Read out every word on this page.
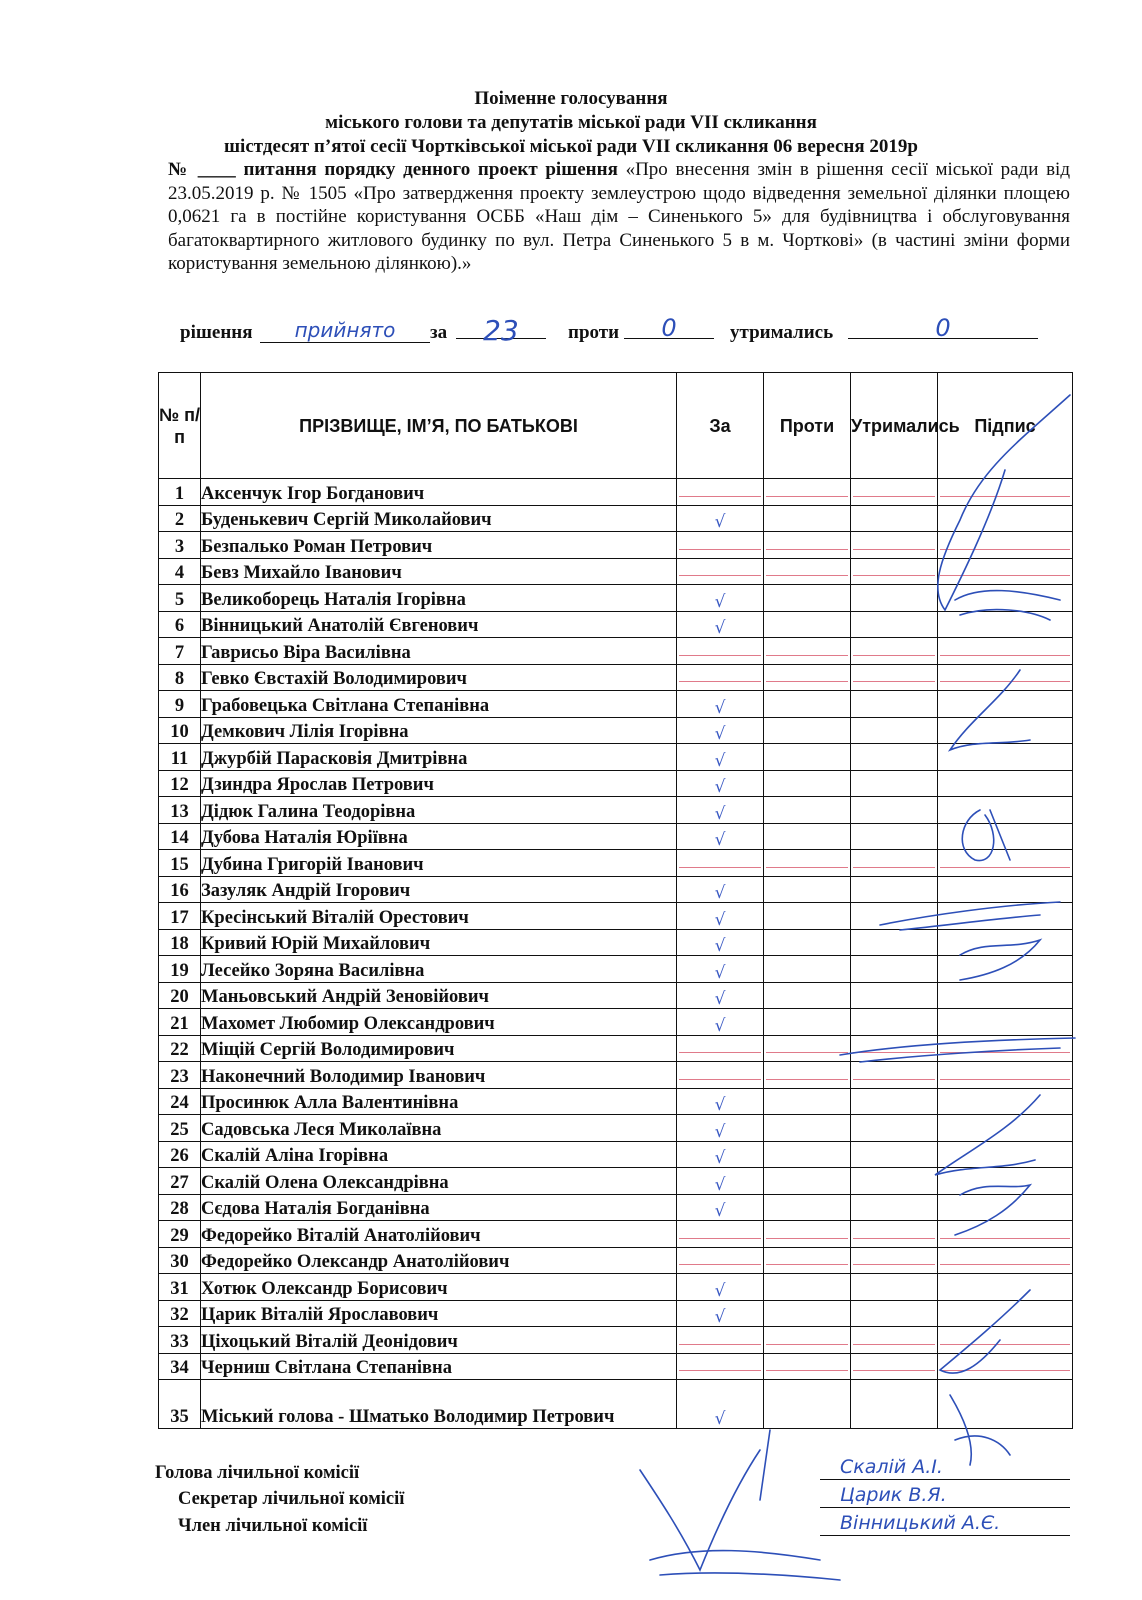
Поіменне голосування
міського голови та депутатів міської ради VII скликання
шістдесят п’ятої сесії Чортківської міської ради VII скликання 06 вересня 2019р
№ ____ питання порядку денного проект рішення «Про внесення змін в рішення сесії міської ради від 23.05.2019 р. № 1505 «Про затвердження проекту землеустрою щодо відведення земельної ділянки площею 0,0621 га в постійне користування ОСББ «Наш дім – Синенького 5» для будівництва і обслуговування багатоквартирного житлового будинку по вул. Петра Синенького 5 в м. Чорткові» (в частині зміни форми користування земельною ділянкою).»
рішення	прийнято	за	23	проти	0	утримались	0
№ п/п	ПРІЗВИЩЕ, ІМ’Я, ПО БАТЬКОВІ	За	Проти	Утримались	Підпис
1	Аксенчук Ігор Богданович	

2	Буденькевич Сергій Миколайович	√			

3	Безпалько Роман Петрович	

4	Бевз Михайло Іванович	

5	Великоборець Наталія Ігорівна	√			

6	Вінницький Анатолій Євгенович	√			

7	Гаврисьо Віра Василівна	

8	Гевко Євстахій Володимирович	

9	Грабовецька Світлана Степанівна	√			

10	Демкович Лілія Ігорівна	√			

11	Джурбій Парасковія Дмитрівна	√			

12	Дзиндра Ярослав Петрович	√			

13	Дідюк Галина Теодорівна	√			

14	Дубова Наталія Юріївна	√			

15	Дубина Григорій Іванович	

16	Зазуляк Андрій Ігорович	√			

17	Кресінський Віталій Орестович	√			

18	Кривий Юрій Михайлович	√			

19	Лесейко Зоряна Василівна	√			

20	Маньовський Андрій Зеновійович	√			

21	Махомет Любомир Олександрович	√			

22	Міщій Сергій Володимирович	

23	Наконечний Володимир Іванович	

24	Просинюк Алла Валентинівна	√			

25	Садовська Леся Миколаївна	√			

26	Скалій Аліна Ігорівна	√			

27	Скалій Олена Олександрівна	√			

28	Сєдова Наталія Богданівна	√			

29	Федорейко Віталій Анатолійович	

30	Федорейко Олександр Анатолійович	

31	Хотюк Олександр Борисович	√			

32	Царик Віталій Ярославович	√			

33	Ціхоцький Віталій Деонідович	

34	Черниш Світлана Степанівна	

35	Міський голова - Шматько Володимир Петрович	√			

Голова лічильної комісії
Секретар лічильної комісії
Член лічильної комісії
Скалій А.І.
Царик В.Я.
Вінницький А.Є.
